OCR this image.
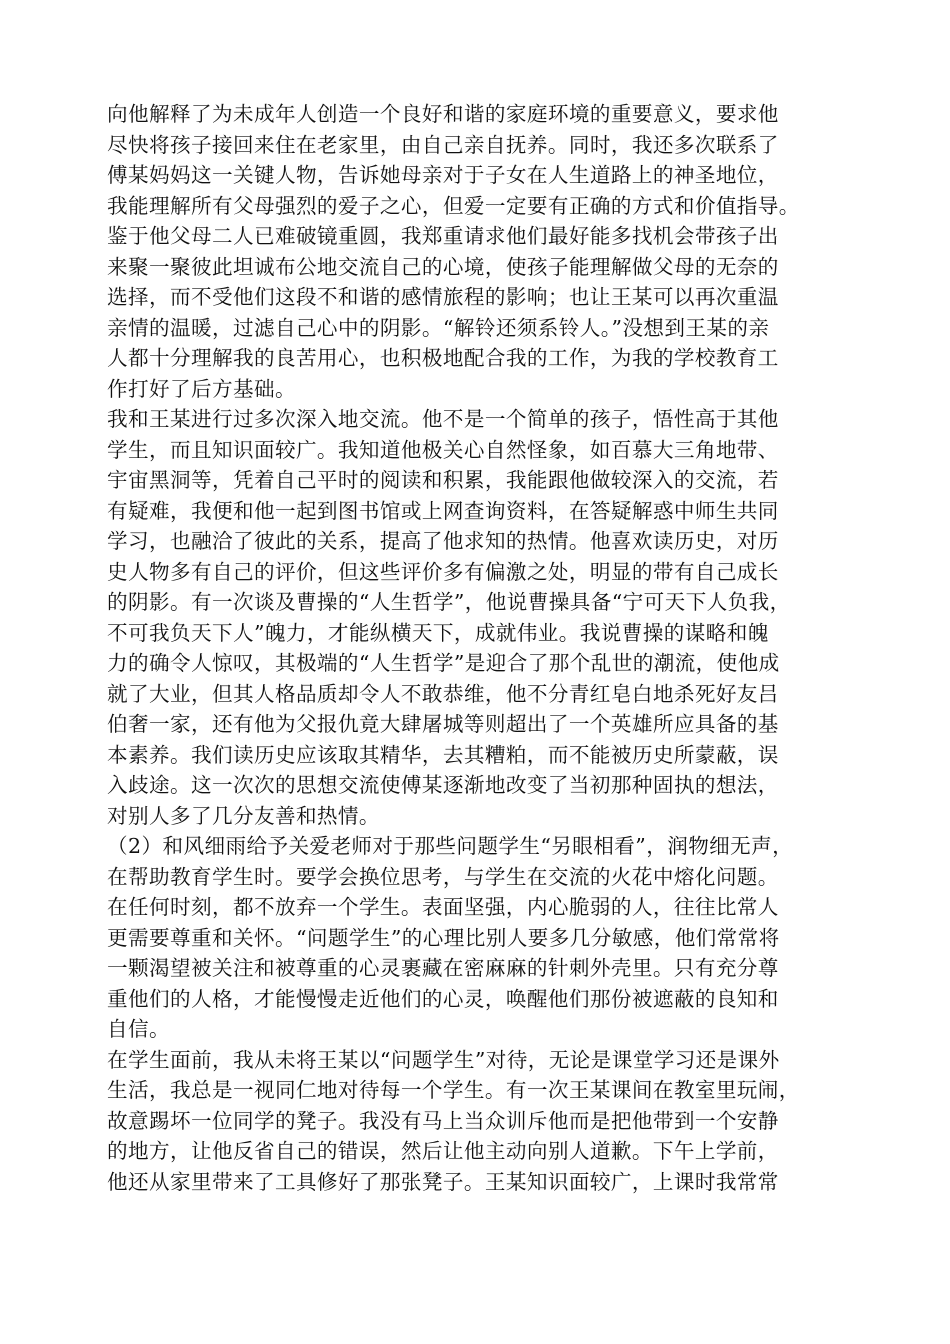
向他解释了为未成年人创造一个良好和谐的家庭环境的重要意义，要求他
尽快将孩子接回来住在老家里，由自己亲自抚养。同时，我还多次联系了
傅某妈妈这一关键人物，告诉她母亲对于子女在人生道路上的神圣地位，
我能理解所有父母强烈的爱子之心，但爱一定要有正确的方式和价值指导。
鉴于他父母二人已难破镜重圆，我郑重请求他们最好能多找机会带孩子出
来聚一聚彼此坦诚布公地交流自己的心境，使孩子能理解做父母的无奈的
选择，而不受他们这段不和谐的感情旅程的影响；也让王某可以再次重温
亲情的温暖，过滤自己心中的阴影。“解铃还须系铃人。”没想到王某的亲
人都十分理解我的良苦用心，也积极地配合我的工作，为我的学校教育工
作打好了后方基础。
我和王某进行过多次深入地交流。他不是一个简单的孩子，悟性高于其他
学生，而且知识面较广。我知道他极关心自然怪象，如百慕大三角地带、
宇宙黑洞等，凭着自己平时的阅读和积累，我能跟他做较深入的交流，若
有疑难，我便和他一起到图书馆或上网查询资料，在答疑解惑中师生共同
学习，也融洽了彼此的关系，提高了他求知的热情。他喜欢读历史，对历
史人物多有自己的评价，但这些评价多有偏激之处，明显的带有自己成长
的阴影。有一次谈及曹操的“人生哲学”，他说曹操具备“宁可天下人负我，
不可我负天下人”魄力，才能纵横天下，成就伟业。我说曹操的谋略和魄
力的确令人惊叹，其极端的“人生哲学”是迎合了那个乱世的潮流，使他成
就了大业，但其人格品质却令人不敢恭维，他不分青红皂白地杀死好友吕
伯奢一家，还有他为父报仇竟大肆屠城等则超出了一个英雄所应具备的基
本素养。我们读历史应该取其精华，去其糟粕，而不能被历史所蒙蔽，误
入歧途。这一次次的思想交流使傅某逐渐地改变了当初那种固执的想法，
对别人多了几分友善和热情。
（2）和风细雨给予关爱老师对于那些问题学生“另眼相看”，润物细无声，
在帮助教育学生时。要学会换位思考，与学生在交流的火花中熔化问题。
在任何时刻，都不放弃一个学生。表面坚强，内心脆弱的人，往往比常人
更需要尊重和关怀。“问题学生”的心理比别人要多几分敏感，他们常常将
一颗渴望被关注和被尊重的心灵裹藏在密麻麻的针刺外壳里。只有充分尊
重他们的人格，才能慢慢走近他们的心灵，唤醒他们那份被遮蔽的良知和
自信。
在学生面前，我从未将王某以“问题学生”对待，无论是课堂学习还是课外
生活，我总是一视同仁地对待每一个学生。有一次王某课间在教室里玩闹，
故意踢坏一位同学的凳子。我没有马上当众训斥他而是把他带到一个安静
的地方，让他反省自己的错误，然后让他主动向别人道歉。下午上学前，
他还从家里带来了工具修好了那张凳子。王某知识面较广，上课时我常常
